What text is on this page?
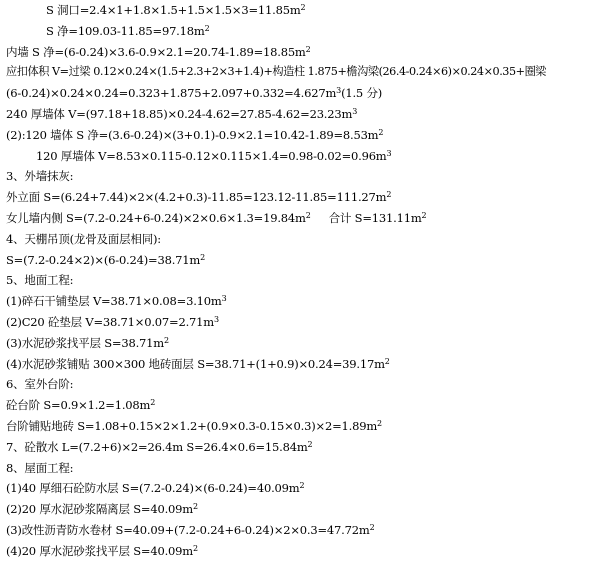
S 洞口$=2.4\times 1+1.8\times 1.5+1.5\times 1.5\times 3=11.85m^2$
S 净$=109.03-11.85=97.18m^2$
内墙 S 净$=(6-0.24)\times 3.6-0.9\times 2.1=20.74-1.89=18.85m^2$
应扣体积 V=过梁 0.12×0.24×(1.5+2.3+2×3+1.4)+构造柱 1.875+檐沟梁(26.4-0.24×6)×0.24×0.35+圈梁
$(6-0.24)\times 0.24\times 0.24=0.323+1.875+2.097+0.332=4.627m^3(1.5$ 分)
240 厚墙体 $V=(97.18+18.85)\times 0.24-4.62=27.85-4.62=23.23m^3$
(2):120 墙体 S 净$=(3.6-0.24)\times(3+0.1)-0.9\times 2.1=10.42-1.89=8.53m^2$
120 厚墙体 $V=8.53\times 0.115-0.12\times 0.115\times 1.4=0.98-0.02=0.96m^3$
3、外墙抹灰:
外立面 $S=(6.24+7.44)\times 2\times(4.2+0.3)-11.85=123.12-11.85=111.27m^2$
女儿墙内侧 $S=(7.2-0.24+6-0.24)\times 2\times 0.6\times 1.3=19.84m^2$ 合计 $S=131.11m^2$
4、天棚吊顶(龙骨及面层相同):
$S=(7.2-0.24\times 2)\times(6-0.24)=38.71m^2$
5、地面工程:
(1)碎石干铺垫层 $V=38.71\times 0.08=3.10m^3$
(2)C20 砼垫层 $V=38.71\times 0.07=2.71m^3$
(3)水泥砂浆找平层 $S=38.71m^2$
(4)水泥砂浆铺贴 300×300 地砖面层 $S=38.71+(1+0.9)\times 0.24=39.17m^2$
6、室外台阶:
砼台阶 $S=0.9\times 1.2=1.08m^2$
台阶铺贴地砖 $S=1.08+0.15\times 2\times 1.2+(0.9\times 0.3-0.15\times 0.3)\times 2=1.89m^2$
7、砼散水 L=(7.2+6)×2=26.4m $S=26.4\times 0.6=15.84m^2$
8、屋面工程:
(1)40 厚细石砼防水层 $S=(7.2-0.24)\times(6-0.24)=40.09m^2$
(2)20 厚水泥砂浆隔离层 $S=40.09m^2$
(3)改性沥青防水卷材 $S=40.09+(7.2-0.24+6-0.24)\times 2\times 0.3=47.72m^2$
(4)20 厚水泥砂浆找平层 $S=40.09m^2$
